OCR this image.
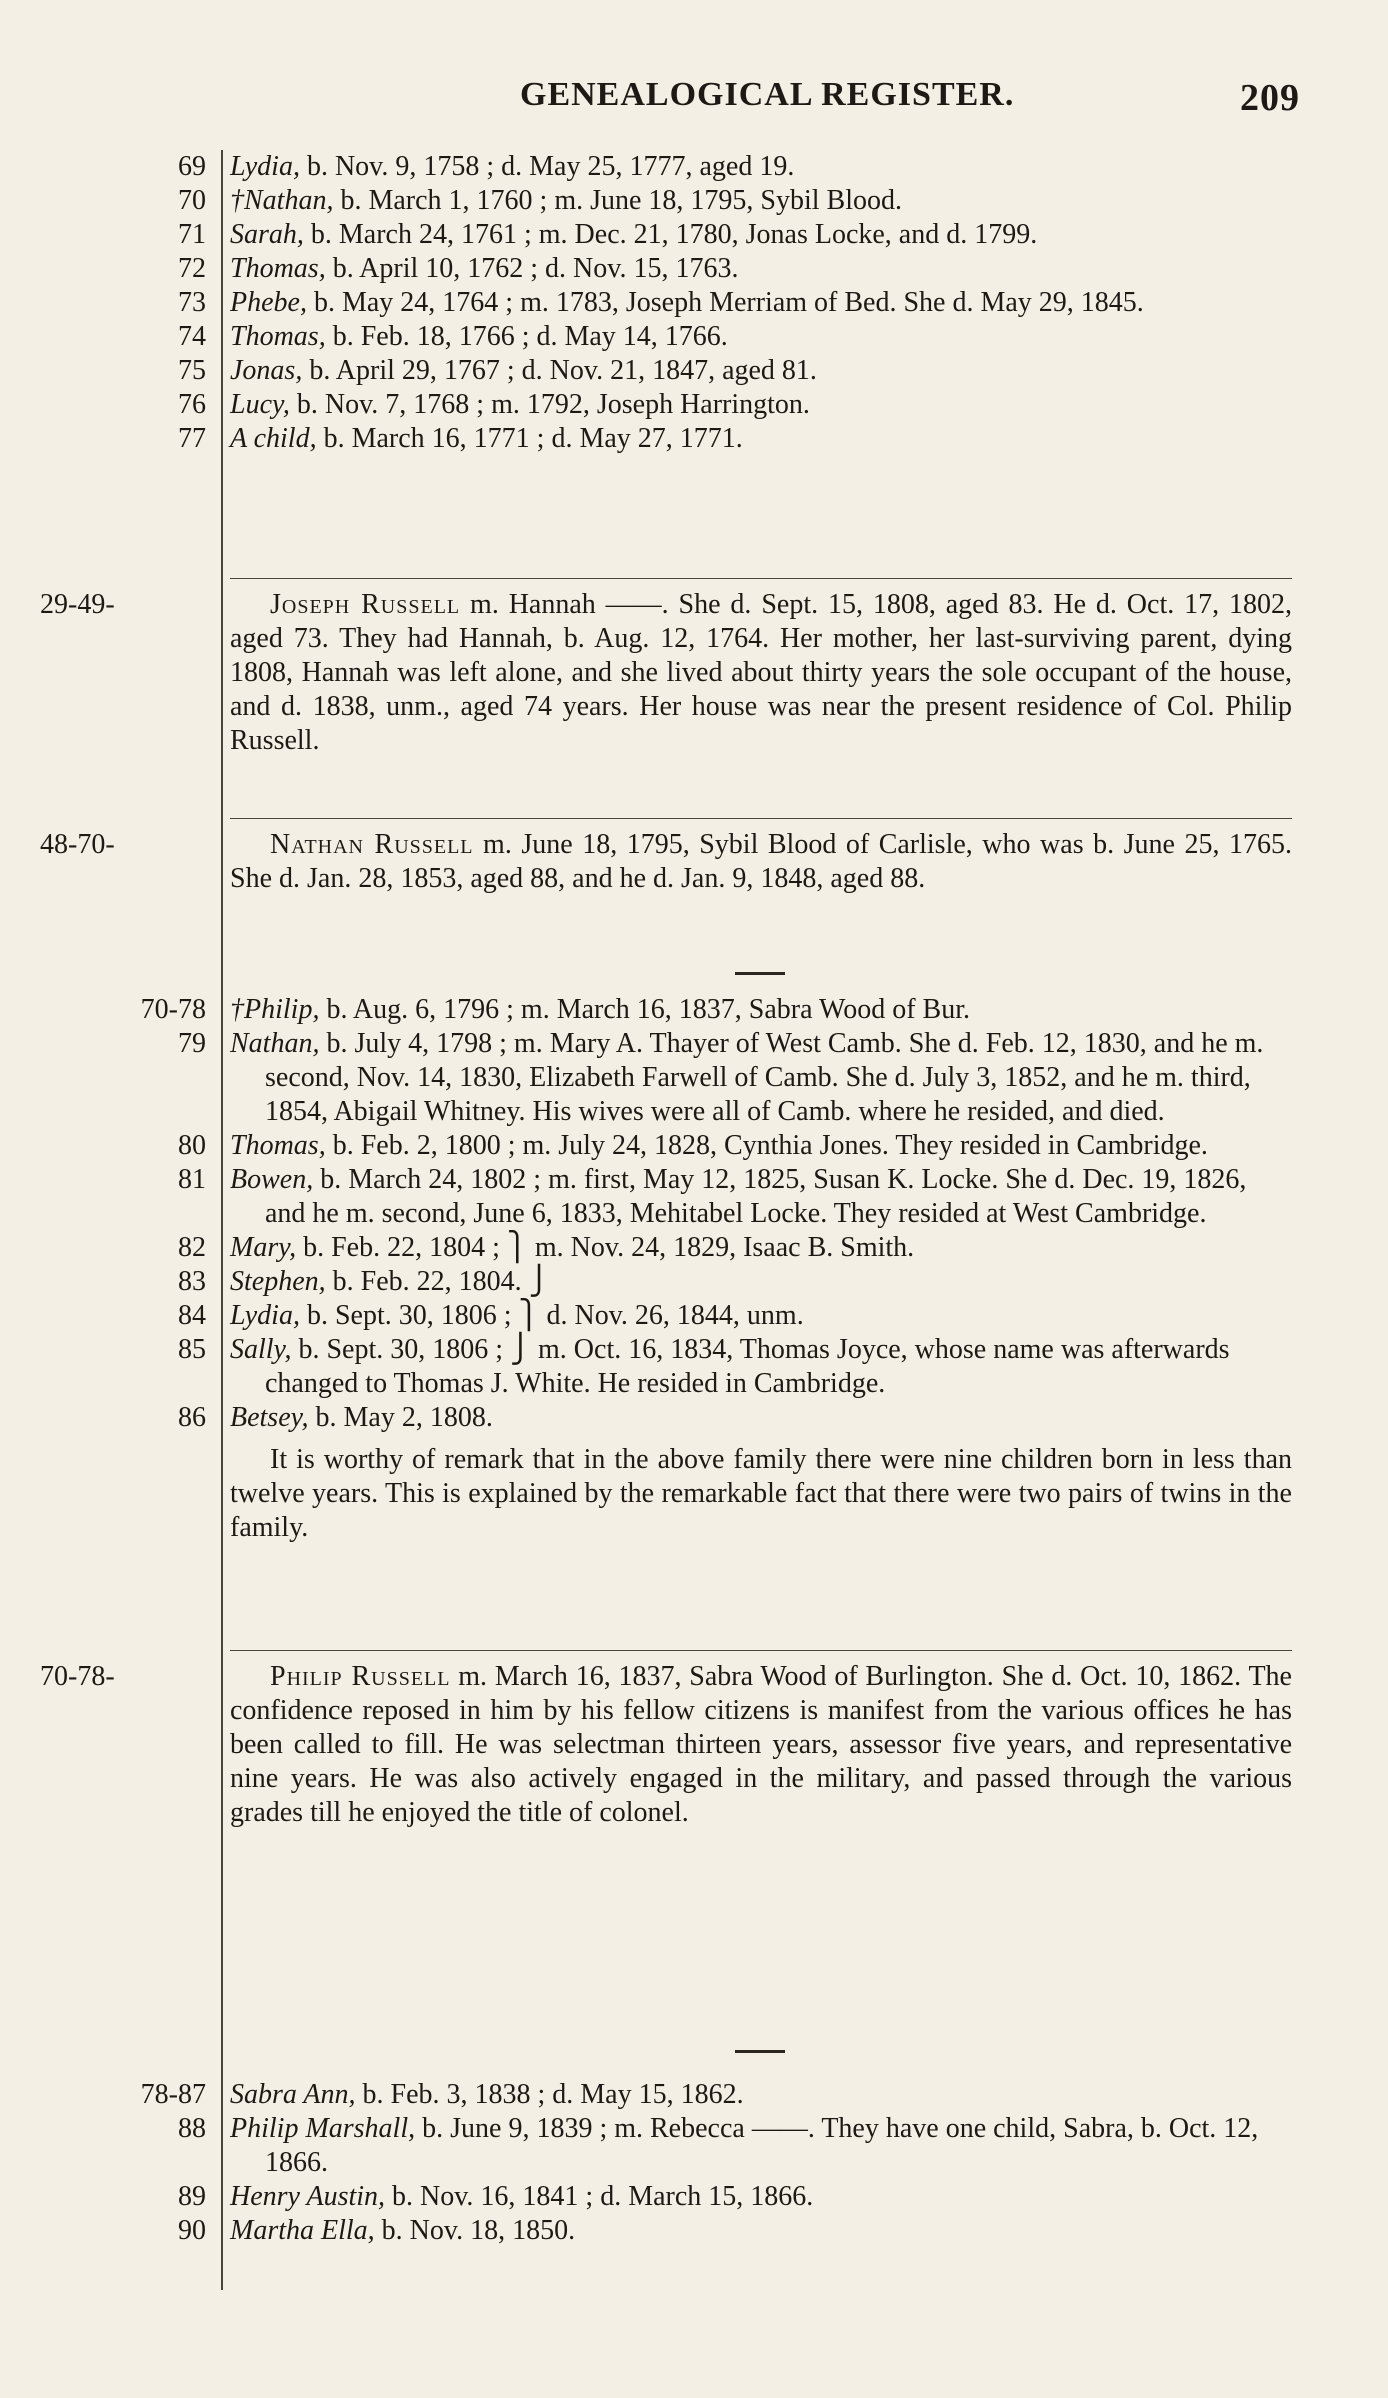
GENEALOGICAL REGISTER.	209
69 Lydia, b. Nov. 9, 1758 ; d. May 25, 1777, aged 19.
70 †Nathan, b. March 1, 1760 ; m. June 18, 1795, Sybil Blood.
71 Sarah, b. March 24, 1761 ; m. Dec. 21, 1780, Jonas Locke, and d. 1799.
72 Thomas, b. April 10, 1762 ; d. Nov. 15, 1763.
73 Phebe, b. May 24, 1764 ; m. 1783, Joseph Merriam of Bed. She d. May 29, 1845.
74 Thomas, b. Feb. 18, 1766 ; d. May 14, 1766.
75 Jonas, b. April 29, 1767 ; d. Nov. 21, 1847, aged 81.
76 Lucy, b. Nov. 7, 1768 ; m. 1792, Joseph Harrington.
77 A child, b. March 16, 1771 ; d. May 27, 1771.
29-49-	Joseph Russell m. Hannah ——. She d. Sept. 15, 1808, aged 83. He d. Oct. 17, 1802, aged 73. They had Hannah, b. Aug. 12, 1764. Her mother, her last-surviving parent, dying 1808, Hannah was left alone, and she lived about thirty years the sole occupant of the house, and d. 1838, unm., aged 74 years. Her house was near the present residence of Col. Philip Russell.
48-70-	Nathan Russell m. June 18, 1795, Sybil Blood of Carlisle, who was b. June 25, 1765. She d. Jan. 28, 1853, aged 88, and he d. Jan. 9, 1848, aged 88.
70-78 †Philip, b. Aug. 6, 1796 ; m. March 16, 1837, Sabra Wood of Bur.
79 Nathan, b. July 4, 1798 ; m. Mary A. Thayer of West Camb. She d. Feb. 12, 1830, and he m. second, Nov. 14, 1830, Elizabeth Farwell of Camb. She d. July 3, 1852, and he m. third, 1854, Abigail Whitney. His wives were all of Camb. where he resided, and died.
80 Thomas, b. Feb. 2, 1800 ; m. July 24, 1828, Cynthia Jones. They resided in Cambridge.
81 Bowen, b. March 24, 1802 ; m. first, May 12, 1825, Susan K. Locke. She d. Dec. 19, 1826, and he m. second, June 6, 1833, Mehitabel Locke. They resided at West Cambridge.
82 Mary, b. Feb. 22, 1804 ; ⎫ m. Nov. 24, 1829, Isaac B. Smith.
83 Stephen, b. Feb. 22, 1804. ⎭
84 Lydia, b. Sept. 30, 1806 ; ⎫ d. Nov. 26, 1844, unm.
85 Sally, b. Sept. 30, 1806 ; ⎭ m. Oct. 16, 1834, Thomas Joyce, whose name was afterwards changed to Thomas J. White. He resided in Cambridge.
86 Betsey, b. May 2, 1808.
It is worthy of remark that in the above family there were nine children born in less than twelve years. This is explained by the remarkable fact that there were two pairs of twins in the family.
70-78-	Philip Russell m. March 16, 1837, Sabra Wood of Burlington. She d. Oct. 10, 1862. The confidence reposed in him by his fellow citizens is manifest from the various offices he has been called to fill. He was selectman thirteen years, assessor five years, and representative nine years. He was also actively engaged in the military, and passed through the various grades till he enjoyed the title of colonel.
78-87 Sabra Ann, b. Feb. 3, 1838 ; d. May 15, 1862.
88 Philip Marshall, b. June 9, 1839 ; m. Rebecca ——. They have one child, Sabra, b. Oct. 12, 1866.
89 Henry Austin, b. Nov. 16, 1841 ; d. March 15, 1866.
90 Martha Ella, b. Nov. 18, 1850.
